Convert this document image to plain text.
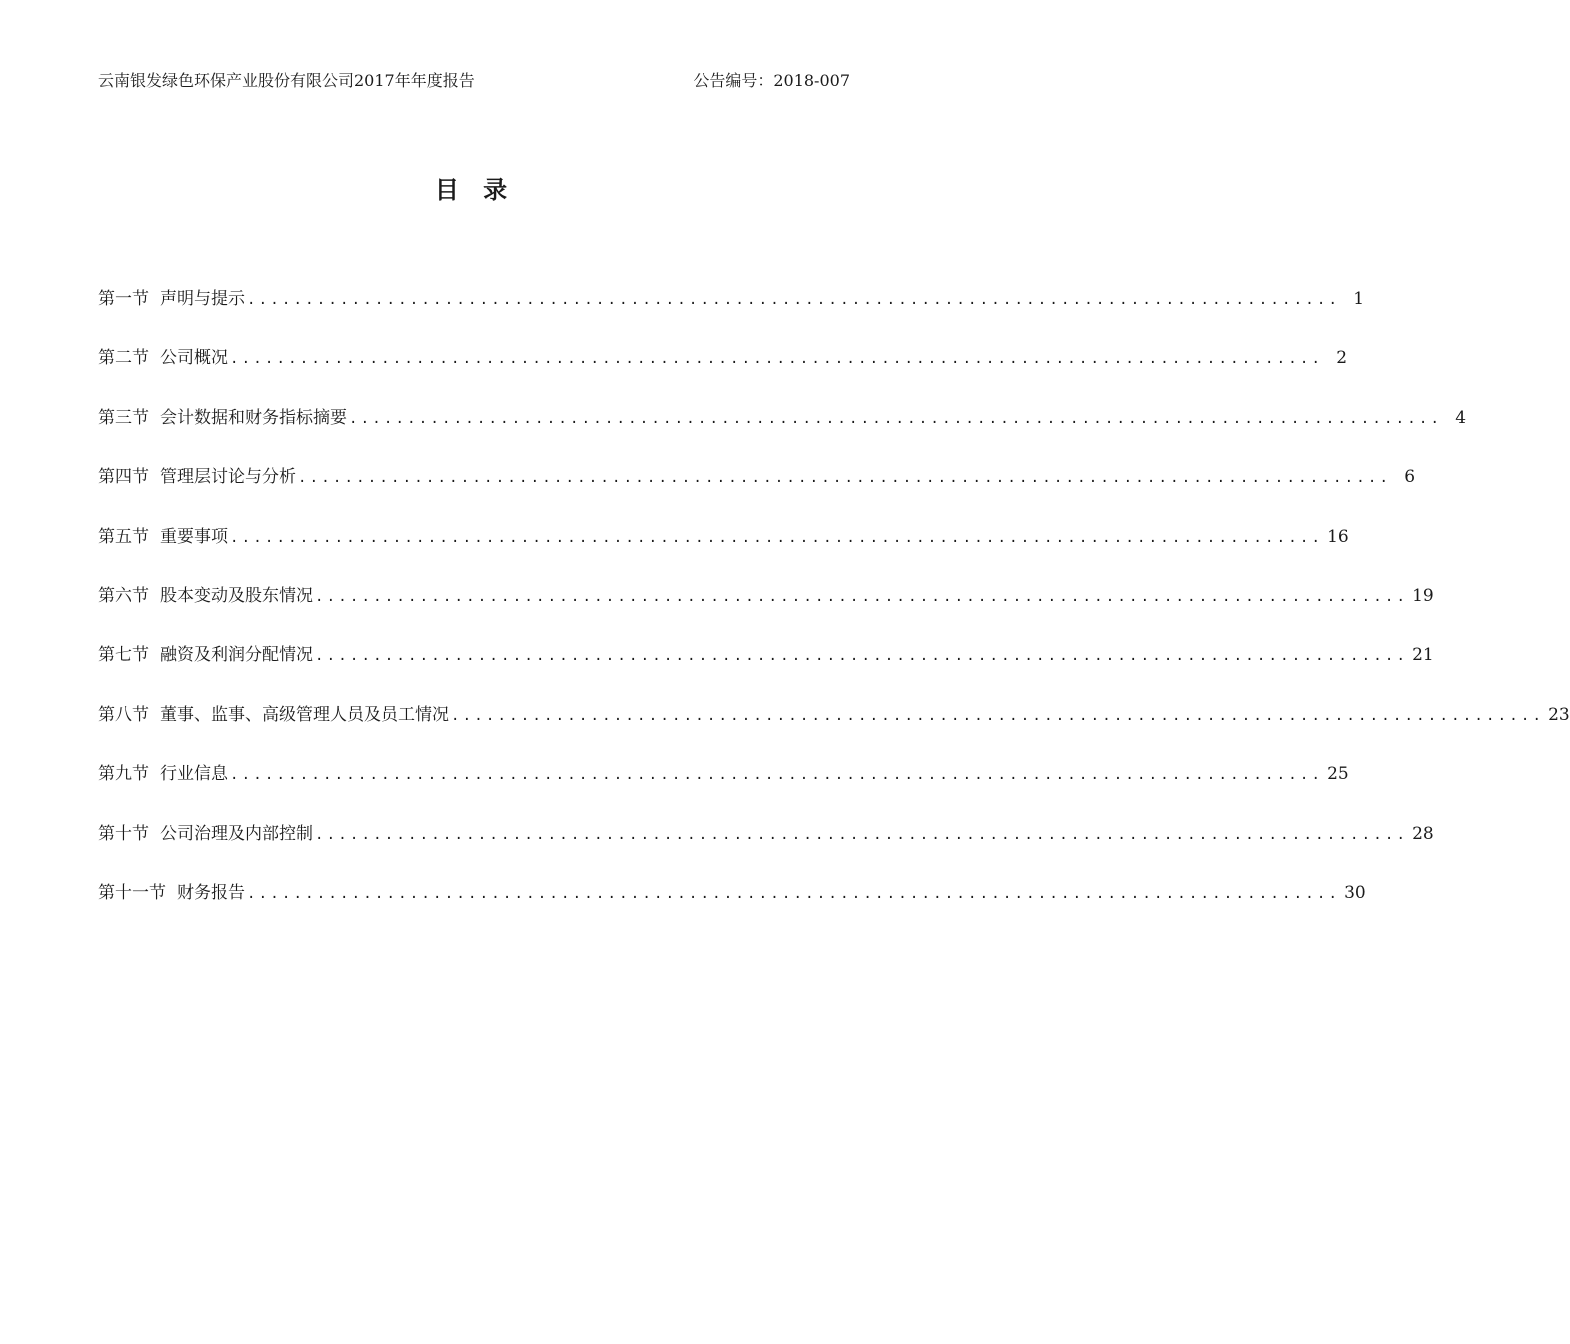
云南银发绿色环保产业股份有限公司2017年年度报告	公告编号：2018-007
目 录
第一节 声明与提示 .............................................................................................. 1
第二节 公司概况 .............................................................................................. 2
第三节 会计数据和财务指标摘要 .............................................................................................. 4
第四节 管理层讨论与分析 .............................................................................................. 6
第五节 重要事项 .............................................................................................. 16
第六节 股本变动及股东情况 .............................................................................................. 19
第七节 融资及利润分配情况 .............................................................................................. 21
第八节 董事、监事、高级管理人员及员工情况 .............................................................................................. 23
第九节 行业信息 .............................................................................................. 25
第十节 公司治理及内部控制 .............................................................................................. 28
第十一节 财务报告 .............................................................................................. 30
